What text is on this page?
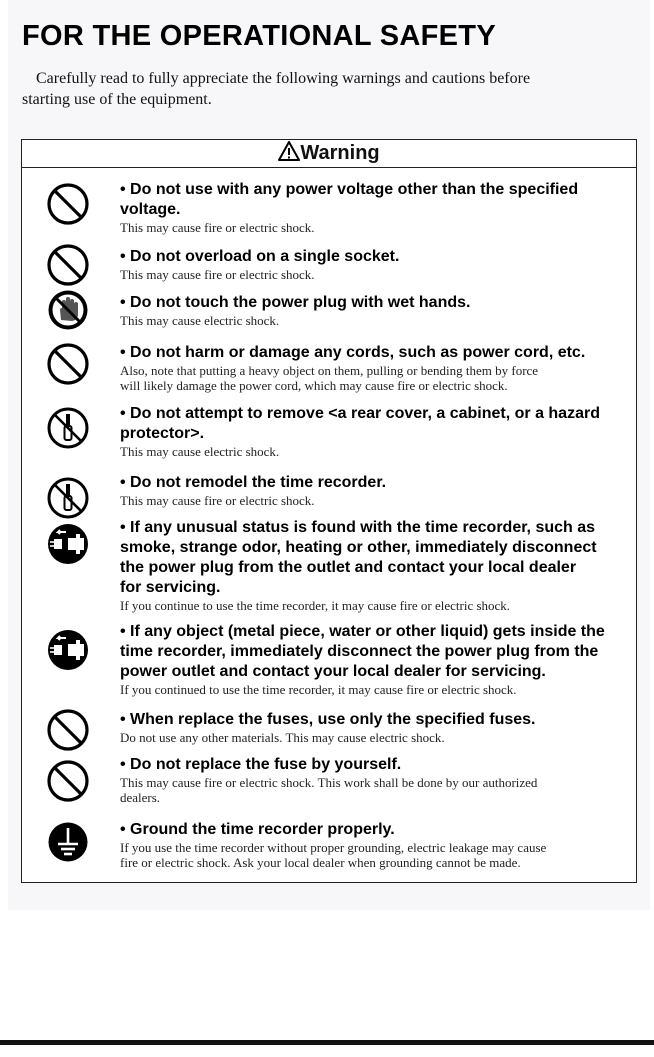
FOR THE OPERATIONAL SAFETY

Carefully read to fully appreciate the following warnings and cautions before
starting use of the equipment.

Warning
• Do not use with any power voltage other than the specified
voltage.
This may cause fire or electric shock.
• Do not overload on a single socket.
This may cause fire or electric shock.
• Do not touch the power plug with wet hands.
This may cause electric shock.
• Do not harm or damage any cords, such as power cord, etc.
Also, note that putting a heavy object on them, pulling or bending them by force
will likely damage the power cord, which may cause fire or electric shock.
• Do not attempt to remove <a rear cover, a cabinet, or a hazard
protector>.
This may cause electric shock.
• Do not remodel the time recorder.
This may cause fire or electric shock.
• If any unusual status is found with the time recorder, such as
smoke, strange odor, heating or other, immediately disconnect
the power plug from the outlet and contact your local dealer
for servicing.
If you continue to use the time recorder, it may cause fire or electric shock.
• If any object (metal piece, water or other liquid) gets inside the
time recorder, immediately disconnect the power plug from the
power outlet and contact your local dealer for servicing.
If you continued to use the time recorder, it may cause fire or electric shock.
• When replace the fuses, use only the specified fuses.
Do not use any other materials. This may cause electric shock.
• Do not replace the fuse by yourself.
This may cause fire or electric shock. This work shall be done by our authorized
dealers.
• Ground the time recorder properly.
If you use the time recorder without proper grounding, electric leakage may cause
fire or electric shock. Ask your local dealer when grounding cannot be made.
